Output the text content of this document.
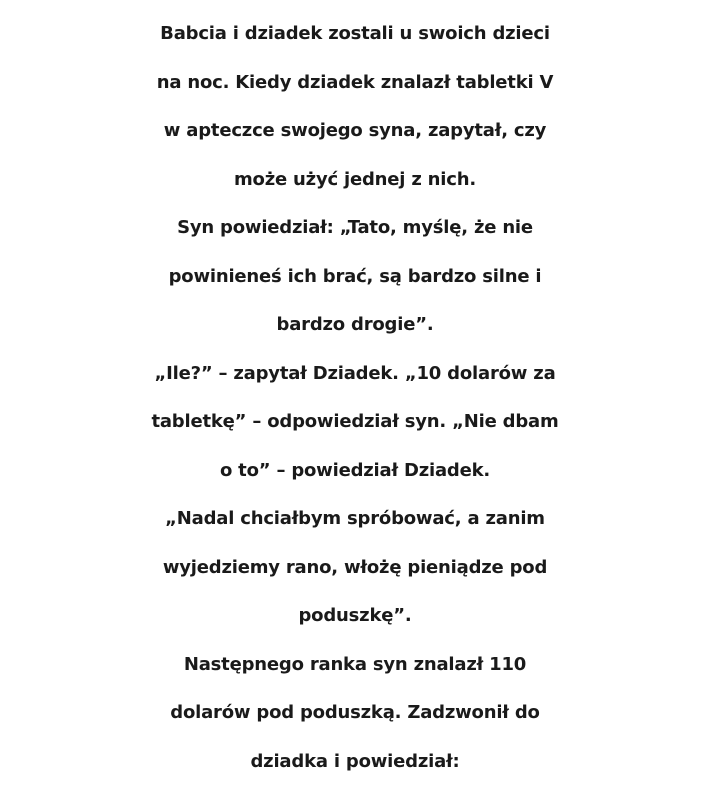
Babcia i dziadek zostali u swoich dzieci
na noc. Kiedy dziadek znalazł tabletki V
w apteczce swojego syna, zapytał, czy
może użyć jednej z nich.
Syn powiedział: „Tato, myślę, że nie
powinieneś ich brać, są bardzo silne i
bardzo drogie”.
„Ile?” – zapytał Dziadek. „10 dolarów za
tabletkę” – odpowiedział syn. „Nie dbam
o to” – powiedział Dziadek.
„Nadal chciałbym spróbować, a zanim
wyjedziemy rano, włożę pieniądze pod
poduszkę”.
Następnego ranka syn znalazł 110
dolarów pod poduszką. Zadzwonił do
dziadka i powiedział:
